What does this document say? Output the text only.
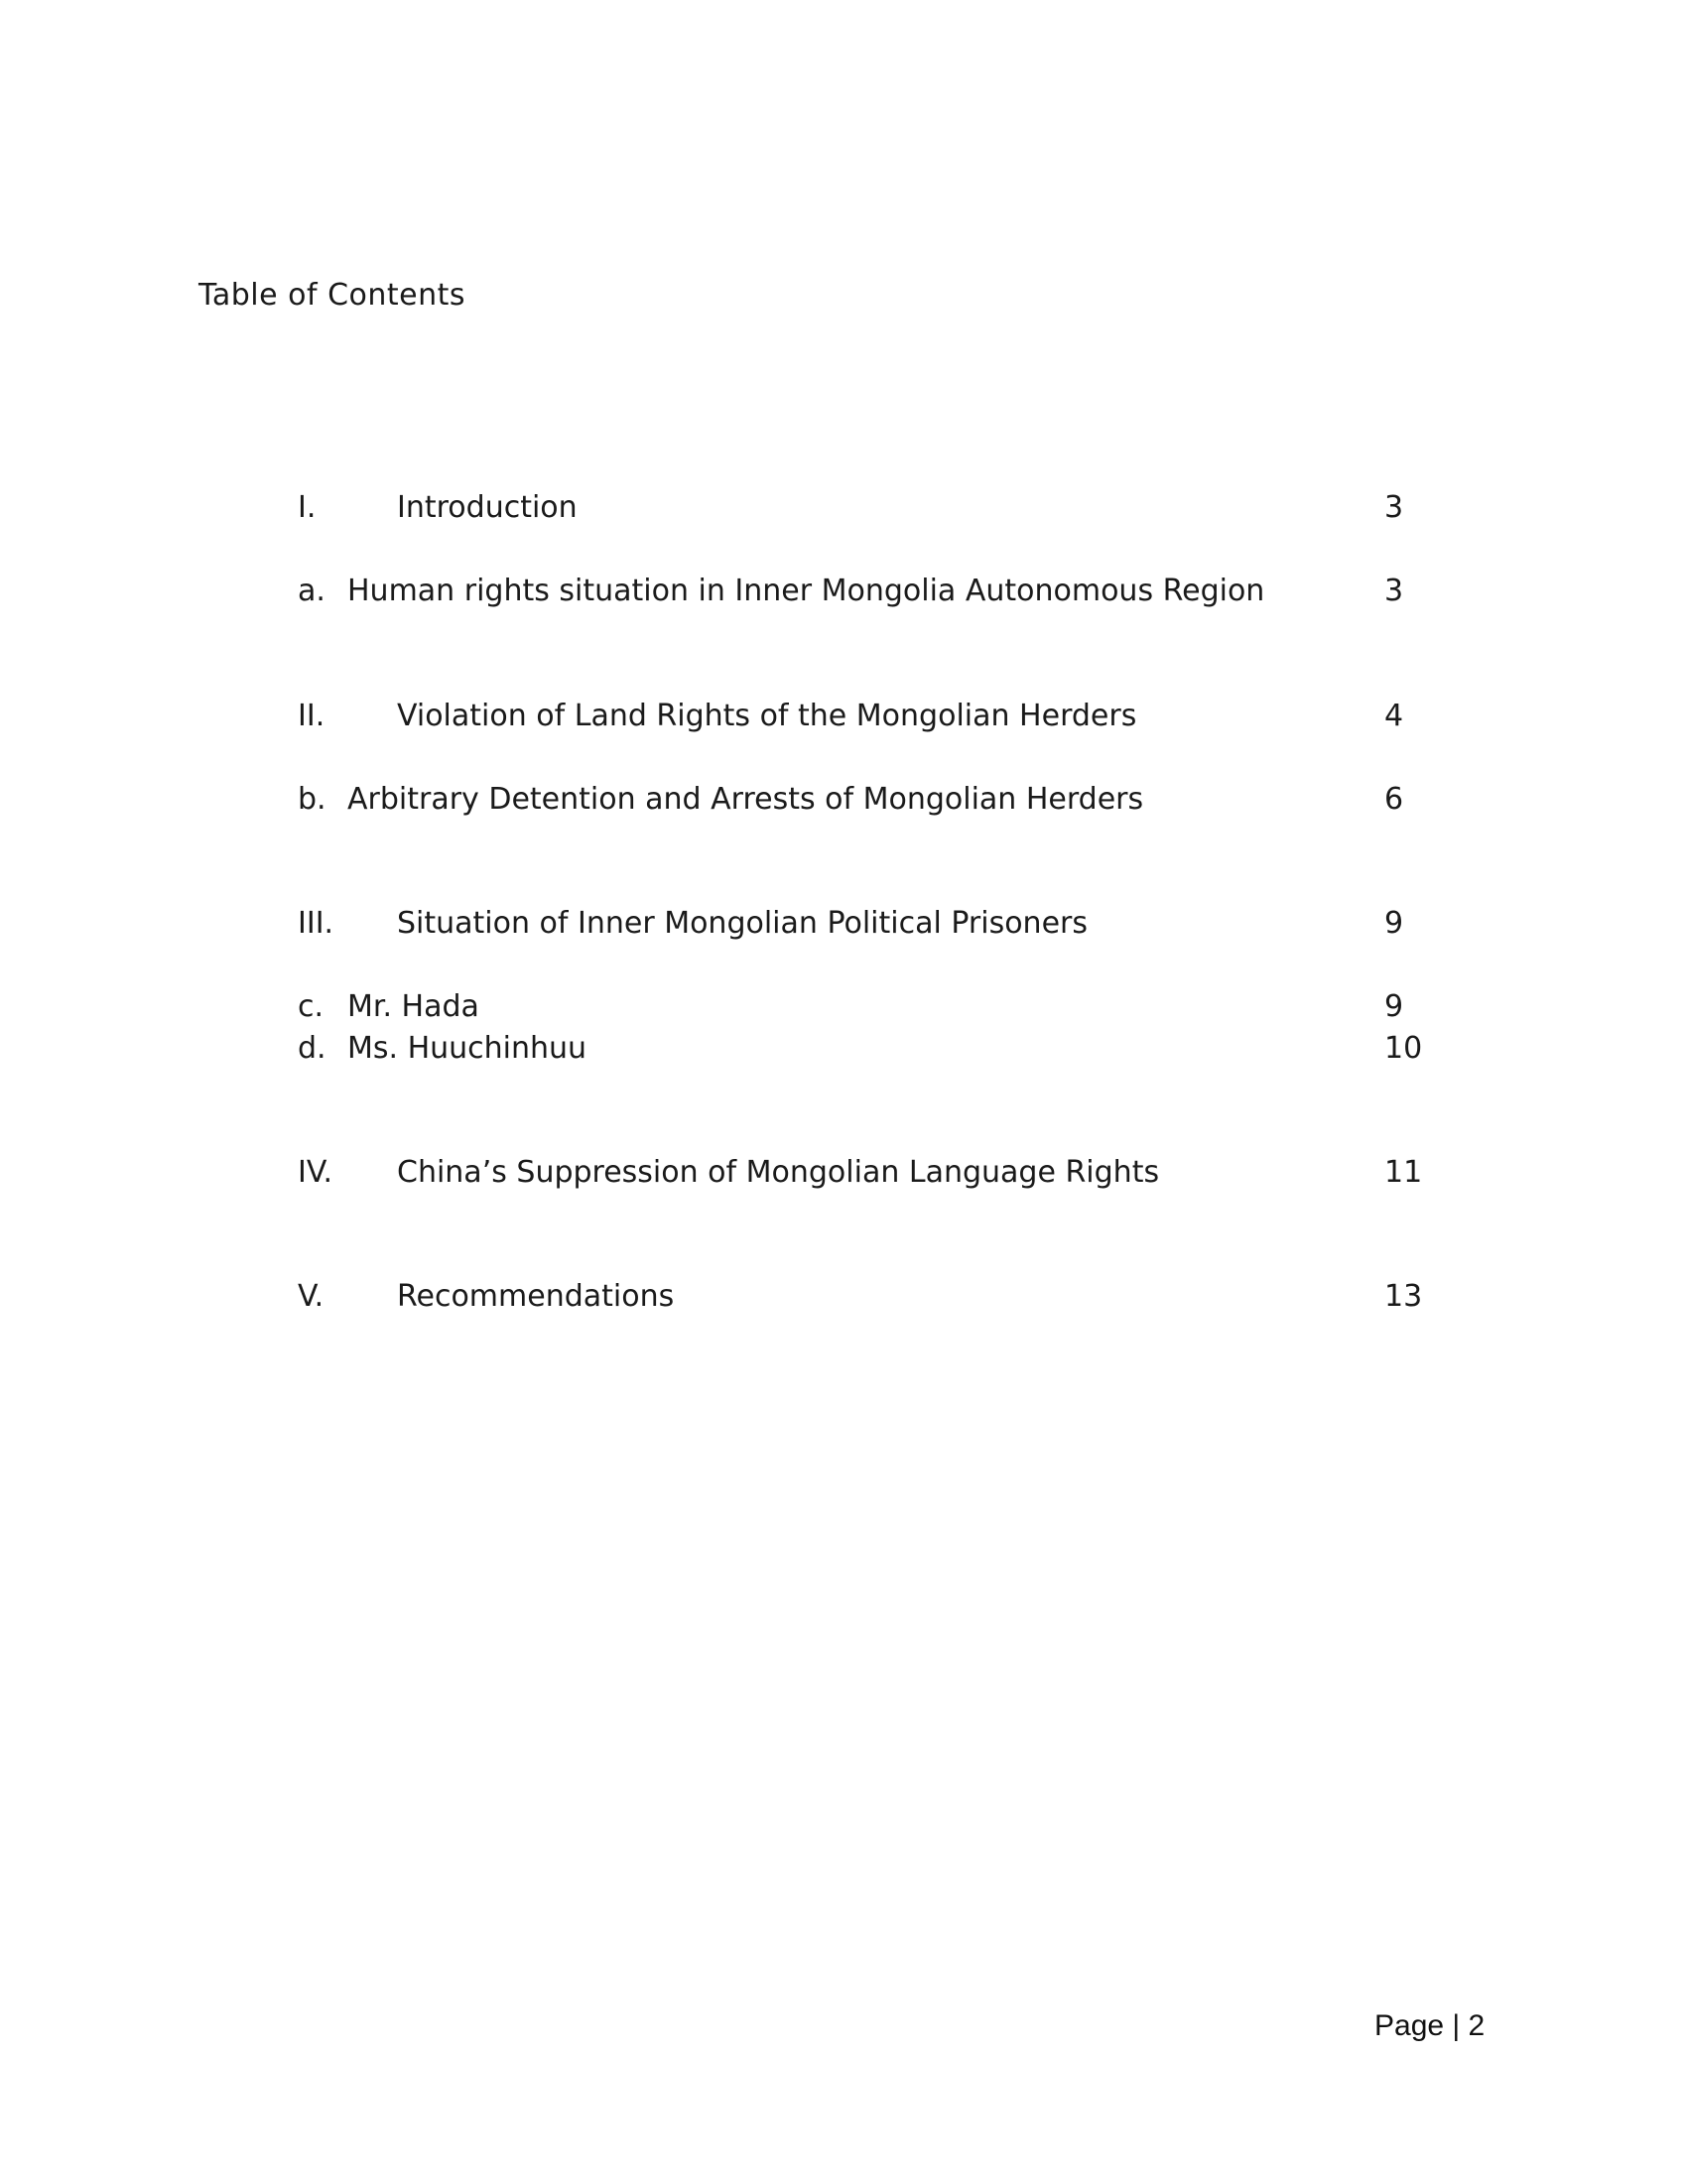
Table of Contents
I.	Introduction	3
a. Human rights situation in Inner Mongolia Autonomous Region	3
II. Violation of Land Rights of the Mongolian Herders	4
b. Arbitrary Detention and Arrests of Mongolian Herders	6
III. Situation of Inner Mongolian Political Prisoners	9
c. Mr. Hada	9
d. Ms. Huuchinhuu	10
IV. China’s Suppression of Mongolian Language Rights	11
V. Recommendations	13
Page | 2
